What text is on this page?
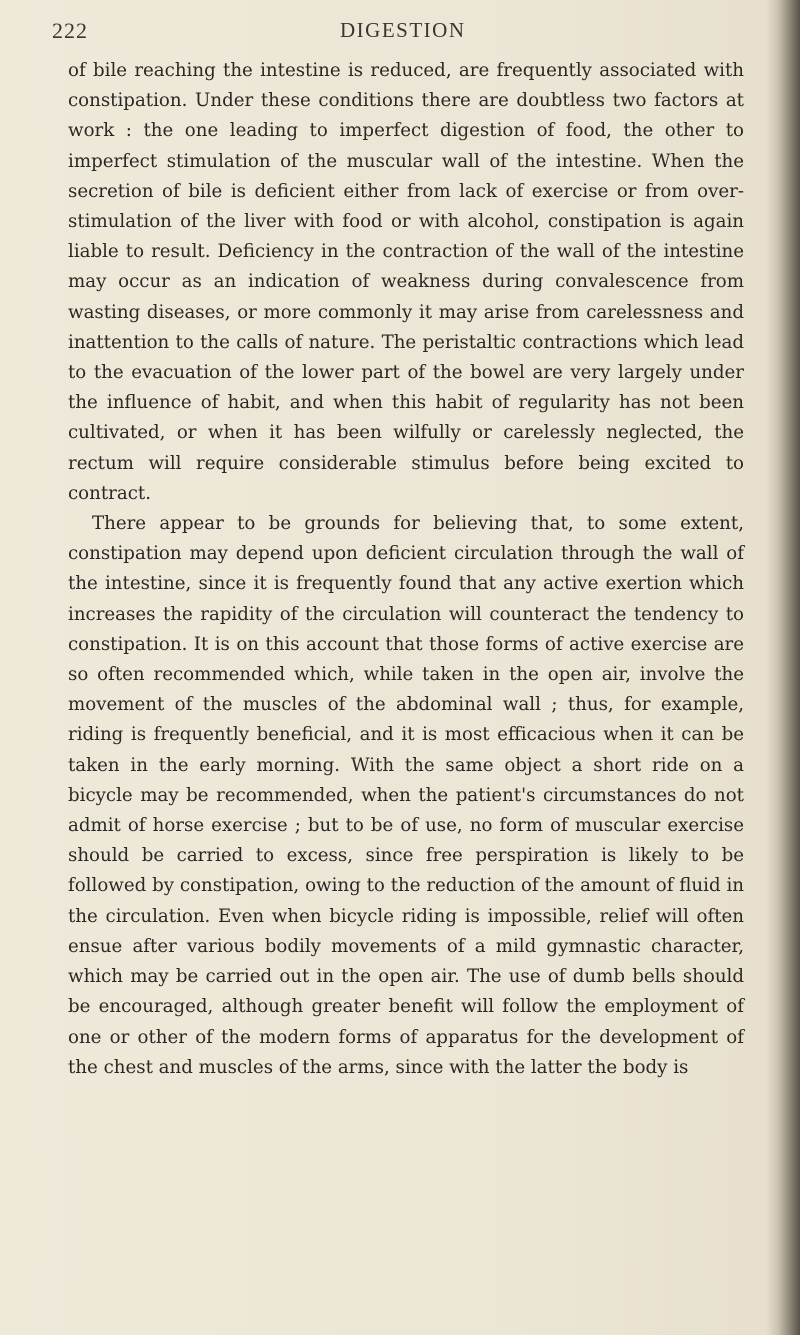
222	DIGESTION

of bile reaching the intestine is reduced, are frequently associated with constipation. Under these conditions there are doubtless two factors at work : the one leading to imperfect digestion of food, the other to imperfect stimulation of the muscular wall of the intestine. When the secretion of bile is deficient either from lack of exercise or from over-stimulation of the liver with food or with alcohol, constipation is again liable to result. Deficiency in the contraction of the wall of the intestine may occur as an indication of weakness during convalescence from wasting diseases, or more commonly it may arise from carelessness and inattention to the calls of nature. The peristaltic contractions which lead to the evacuation of the lower part of the bowel are very largely under the influence of habit, and when this habit of regularity has not been cultivated, or when it has been wilfully or carelessly neglected, the rectum will require considerable stimulus before being excited to contract.

There appear to be grounds for believing that, to some extent, constipation may depend upon deficient circulation through the wall of the intestine, since it is frequently found that any active exertion which increases the rapidity of the circulation will counteract the tendency to constipation. It is on this account that those forms of active exercise are so often recommended which, while taken in the open air, involve the movement of the muscles of the abdominal wall ; thus, for example, riding is frequently beneficial, and it is most efficacious when it can be taken in the early morning. With the same object a short ride on a bicycle may be recommended, when the patient's circumstances do not admit of horse exercise ; but to be of use, no form of muscular exercise should be carried to excess, since free perspiration is likely to be followed by constipation, owing to the reduction of the amount of fluid in the circulation. Even when bicycle riding is impossible, relief will often ensue after various bodily movements of a mild gymnastic character, which may be carried out in the open air. The use of dumb bells should be encouraged, although greater benefit will follow the employment of one or other of the modern forms of apparatus for the development of the chest and muscles of the arms, since with the latter the body is
